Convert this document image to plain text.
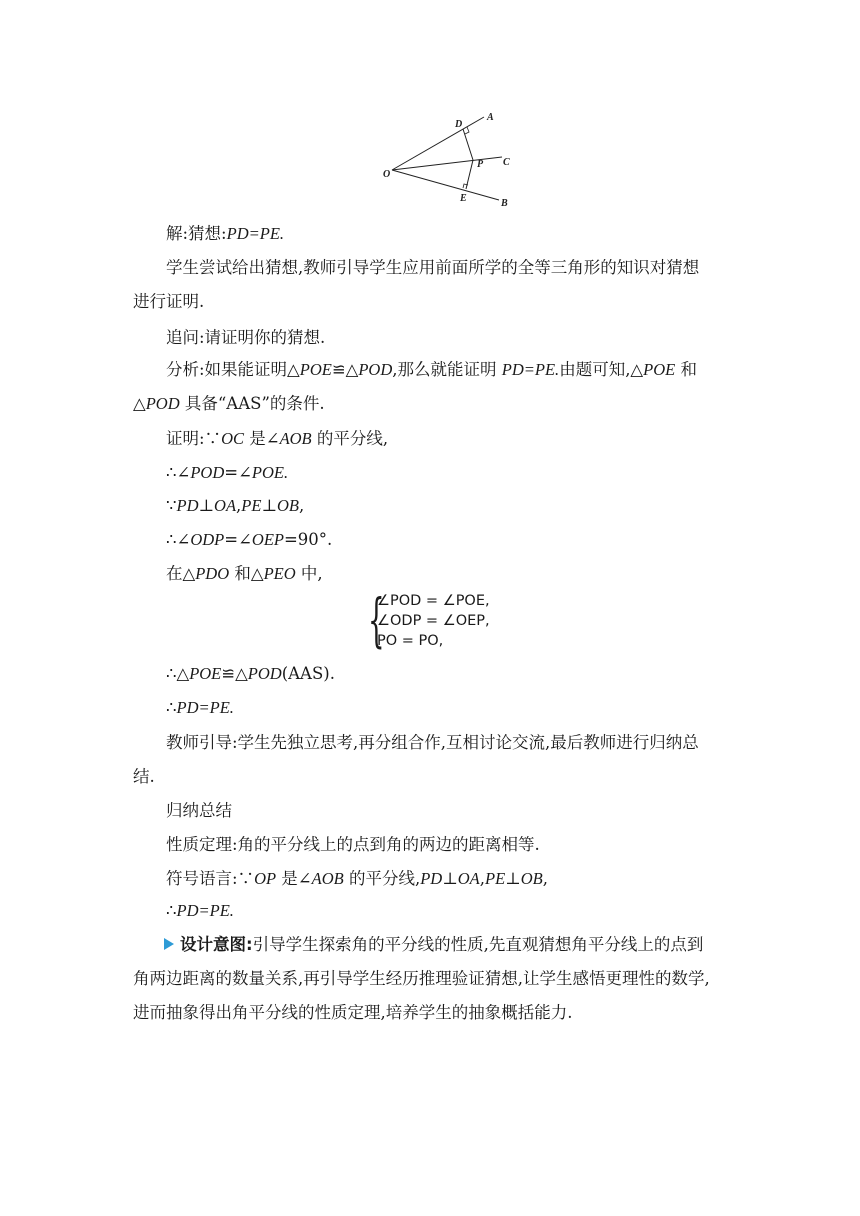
A
D
C
P
O
E	B
解:猜想:PD=PE.
学生尝试给出猜想,教师引导学生应用前面所学的全等三角形的知识对猜想
进行证明.
追问:请证明你的猜想.
分析:如果能证明△POE≌△POD,那么就能证明 PD=PE.由题可知,△POE 和
△POD 具备“AAS”的条件.
证明:∵OC 是∠AOB 的平分线,
∴∠POD=∠POE.
∵PD⊥OA,PE⊥OB,
∴∠ODP=∠OEP=90°.
在△PDO 和△PEO 中,
{
∠POD = ∠POE,
∠ODP = ∠OEP,
PO = PO,
∴△POE≌△POD(AAS).
∴PD=PE.
教师引导:学生先独立思考,再分组合作,互相讨论交流,最后教师进行归纳总
结.
归纳总结
性质定理:角的平分线上的点到角的两边的距离相等.
符号语言:∵OP 是∠AOB 的平分线,PD⊥OA,PE⊥OB,
∴PD=PE.
设计意图:引导学生探索角的平分线的性质,先直观猜想角平分线上的点到
角两边距离的数量关系,再引导学生经历推理验证猜想,让学生感悟更理性的数学,
进而抽象得出角平分线的性质定理,培养学生的抽象概括能力.
